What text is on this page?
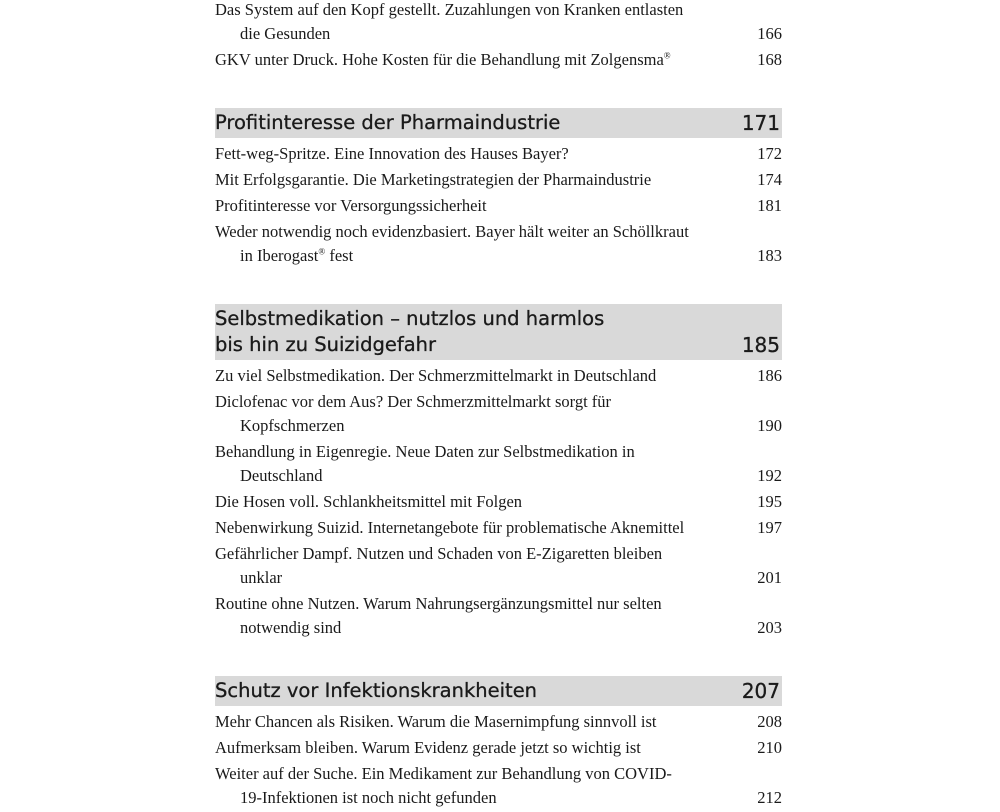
Das System auf den Kopf gestellt. Zuzahlungen von Kranken entlasten
die Gesunden	166
GKV unter Druck. Hohe Kosten für die Behandlung mit Zolgensma®	168
Profitinteresse der Pharmaindustrie	171
Fett-weg-Spritze. Eine Innovation des Hauses Bayer?	172
Mit Erfolgsgarantie. Die Marketingstrategien der Pharmaindustrie	174
Profitinteresse vor Versorgungssicherheit	181
Weder notwendig noch evidenzbasiert. Bayer hält weiter an Schöllkraut
in Iberogast® fest	183
Selbstmedikation – nutzlos und harmlos
bis hin zu Suizidgefahr	185
Zu viel Selbstmedikation. Der Schmerzmittelmarkt in Deutschland	186
Diclofenac vor dem Aus? Der Schmerzmittelmarkt sorgt für
Kopfschmerzen	190
Behandlung in Eigenregie. Neue Daten zur Selbstmedikation in
Deutschland	192
Die Hosen voll. Schlankheitsmittel mit Folgen	195
Nebenwirkung Suizid. Internetangebote für problematische Aknemittel	197
Gefährlicher Dampf. Nutzen und Schaden von E-Zigaretten bleiben
unklar	201
Routine ohne Nutzen. Warum Nahrungsergänzungsmittel nur selten
notwendig sind	203
Schutz vor Infektionskrankheiten	207
Mehr Chancen als Risiken. Warum die Masernimpfung sinnvoll ist	208
Aufmerksam bleiben. Warum Evidenz gerade jetzt so wichtig ist	210
Weiter auf der Suche. Ein Medikament zur Behandlung von COVID-
19-Infektionen ist noch nicht gefunden	212
